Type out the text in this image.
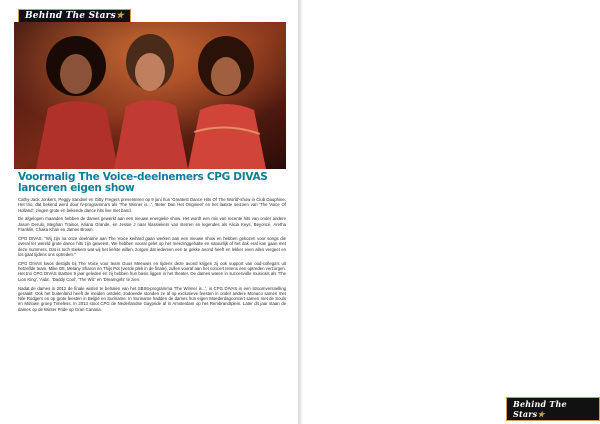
Behind The Stars★
Voormalig The Voice-deelnemers CPG DIVAS lanceren eigen show

Cathy-Jack Jonkers, Peggy Sandsel en Gitty Fregers presenteren op 9 juni hun 'Greatest Dance Hits Of The World'-show in Club Dauphine. Het trio, dat bekend werd door tv-programma's als 'The Winner is...', 'Beter Dan Het Origineel' en het laatste seizoen van 'The Voice Of Holland', zingen grote en bekende dance hits live met band.

De afgelopen maanden hebben de dames gewerkt aan een nieuwe energieke show. Het wordt een mix van recente hits van onder andere Jason Derulo, Meghan Trainor, Ariana Grande, en Jessie J naar klassiekers van sterren en legendes als Alicia Keys, Beyoncé, Aretha Franklin, Chaka Khan en James Brown.

CPG DIVAS: "Wij zijn na onze deelname aan The Voice keihard gaan werken aan een nieuwe show en hebben gekozen voor songs die overal ter wereld grote dance hits zijn geweest. We hebben vooral gelet op het meezinggehalte en natuurlijk of het dak eraf kan gaan met deze nummers. Dat is toch stiekem wat wij het liefste willen, zorgen dat iedereen een te gekke avond heeft en lekker even alles vergeet en los gaat tijdens ons optreden."

CPG DIVAS kwos destijds bij The Voice voor team Guus Meeuwis en tijdens deze avond krijgen zij ook support van oud-collega's uit hetzelfde team. Mike Ott, Melany Sharon en Thijs Pot (vierde plek in de finale), zullen vooraf aan het concert tevens een optreden verzorgen. Het trio CPG DIVAS startten 9 jaar geleden en zij hebben hun basis liggen in het theater. De dames waren in succesvolle musicals als 'The Lion King', 'Aida', 'Daddy Cool', 'The Wiz' en 'Dreamgirls' te zien.

Nadat de dames in 2012 de finale wisten te behalen van het SBS6-programma 'The Winner is...', is CPG DIVAS in een stroomversnelling geraakt. Ook het buitenland heeft de meiden ontdekt, zodoende stonden ze al op exclusieve feesten in onder andere Monaco samen met Nile Rodgers en op grote feesten in België en Suriname. In Suriname hadden de dames hun eigen Moederdagconcert samen met de Souls en Motown groep Timeless. In 2013 stoot CPG de Nederlandse Gaypride af in Amsterdam op het Rembrandtplein. Later dit jaar staan de dames op de Winter Pride op Gran Canaria.

Behind The Stars★
